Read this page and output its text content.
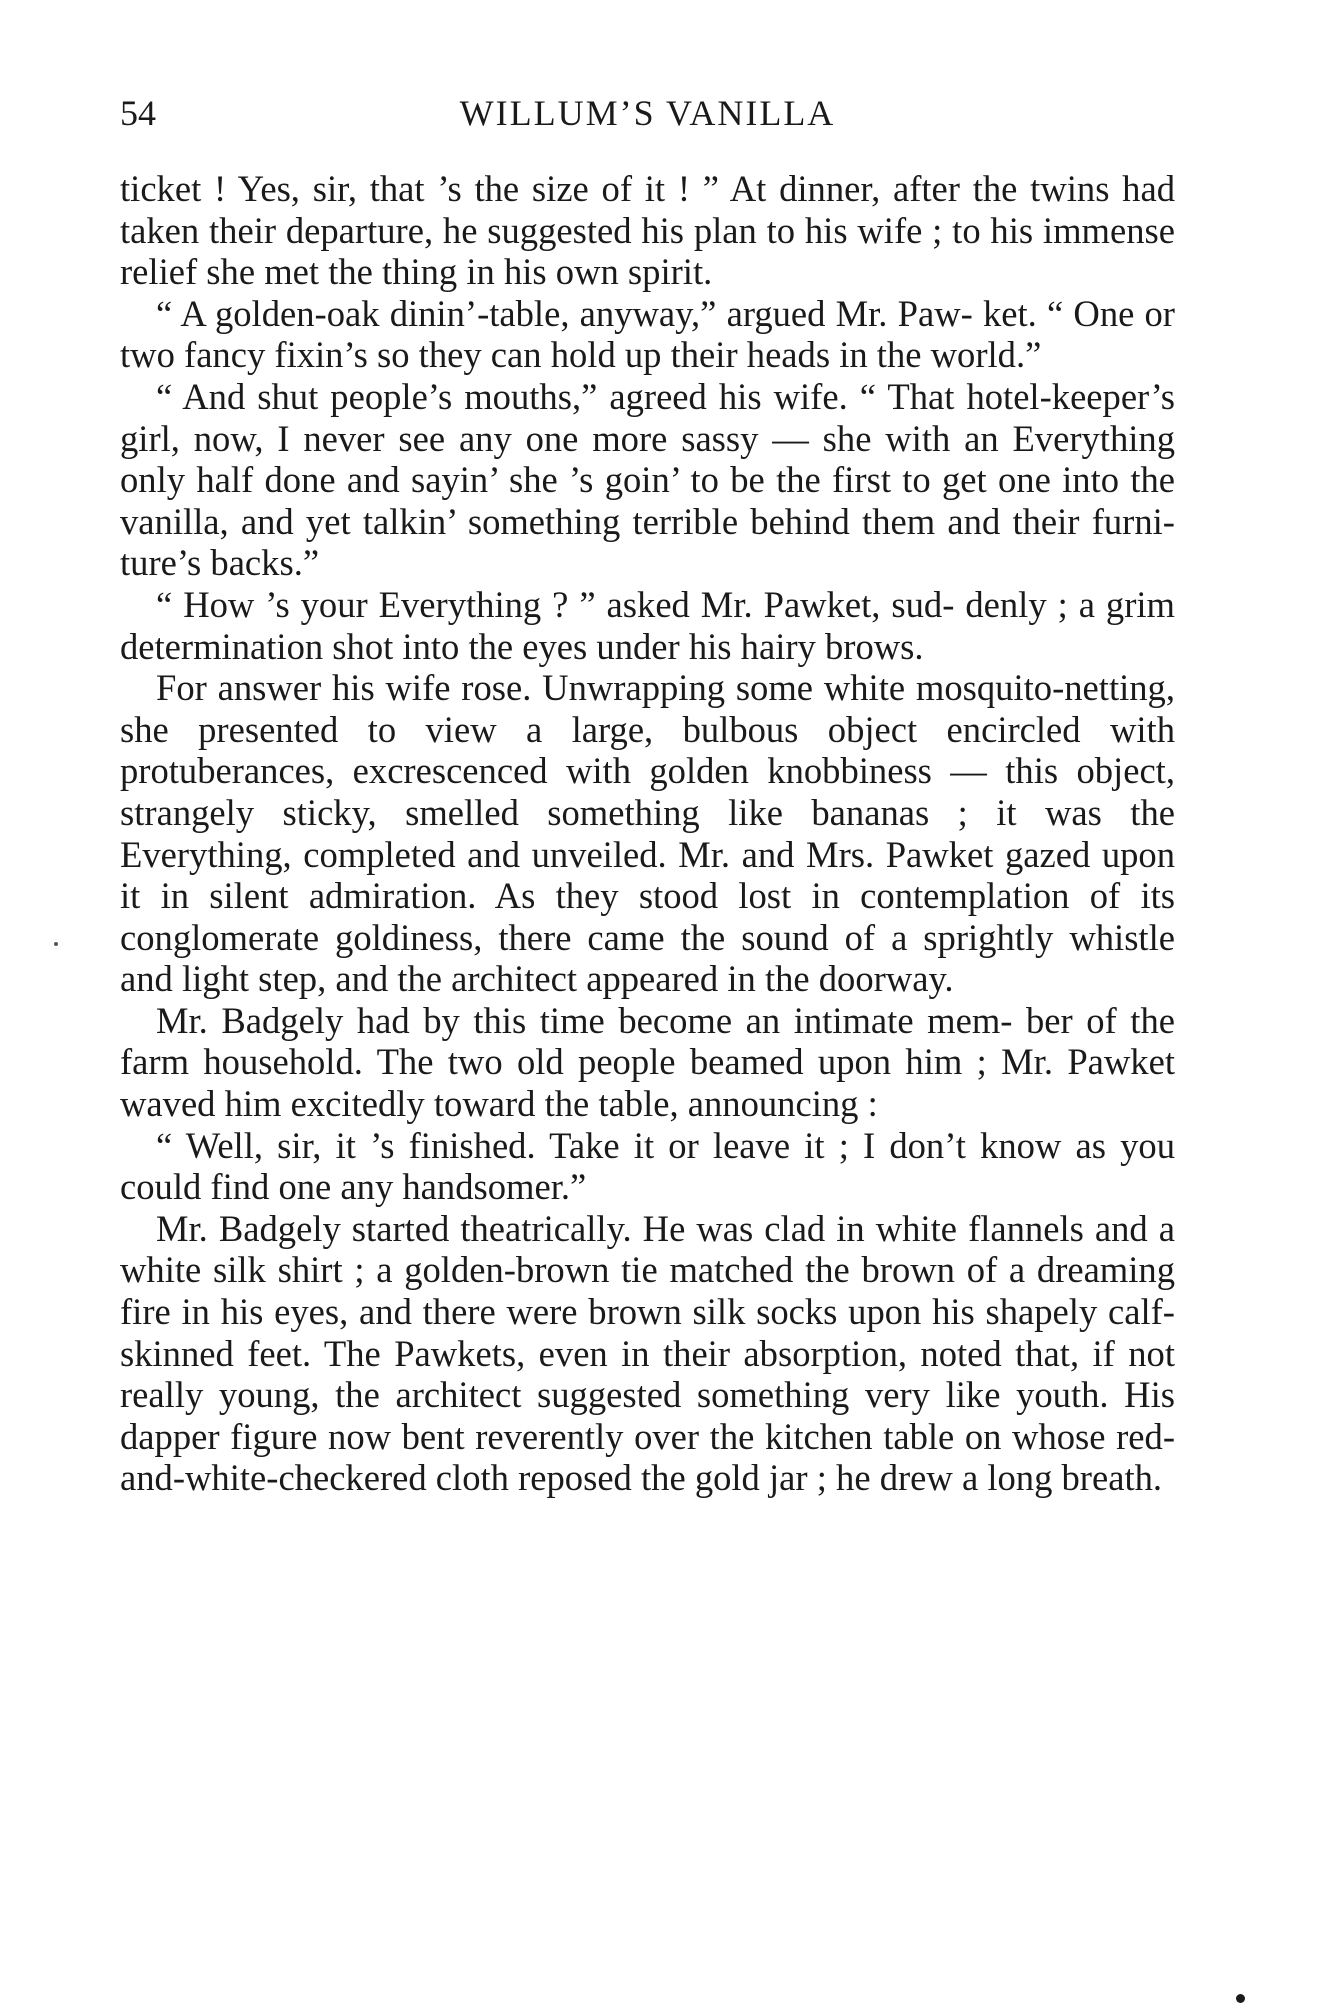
54	WILLUM’S VANILLA

ticket ! Yes, sir, that ’s the size of it ! ” At dinner, after the twins had taken their departure, he suggested his plan to his wife ; to his immense relief she met the thing in his own spirit.

“ A golden-oak dinin’-table, anyway,” argued Mr. Paw- ket. “ One or two fancy fixin’s so they can hold up their heads in the world.”

“ And shut people’s mouths,” agreed his wife. “ That hotel-keeper’s girl, now, I never see any one more sassy — she with an Everything only half done and sayin’ she ’s goin’ to be the first to get one into the vanilla, and yet talkin’ something terrible behind them and their furni- ture’s backs.”

“ How ’s your Everything ? ” asked Mr. Pawket, sud- denly ; a grim determination shot into the eyes under his hairy brows.

For answer his wife rose. Unwrapping some white mosquito-netting, she presented to view a large, bulbous object encircled with protuberances, excrescenced with golden knobbiness — this object, strangely sticky, smelled something like bananas ; it was the Everything, completed and unveiled. Mr. and Mrs. Pawket gazed upon it in silent admiration. As they stood lost in contemplation of its conglomerate goldiness, there came the sound of a sprightly whistle and light step, and the architect appeared in the doorway.

Mr. Badgely had by this time become an intimate mem- ber of the farm household. The two old people beamed upon him ; Mr. Pawket waved him excitedly toward the table, announcing :

“ Well, sir, it ’s finished. Take it or leave it ; I don’t know as you could find one any handsomer.”

Mr. Badgely started theatrically. He was clad in white flannels and a white silk shirt ; a golden-brown tie matched the brown of a dreaming fire in his eyes, and there were brown silk socks upon his shapely calf-skinned feet. The Pawkets, even in their absorption, noted that, if not really young, the architect suggested something very like youth. His dapper figure now bent reverently over the kitchen table on whose red-and-white-checkered cloth reposed the gold jar ; he drew a long breath.
